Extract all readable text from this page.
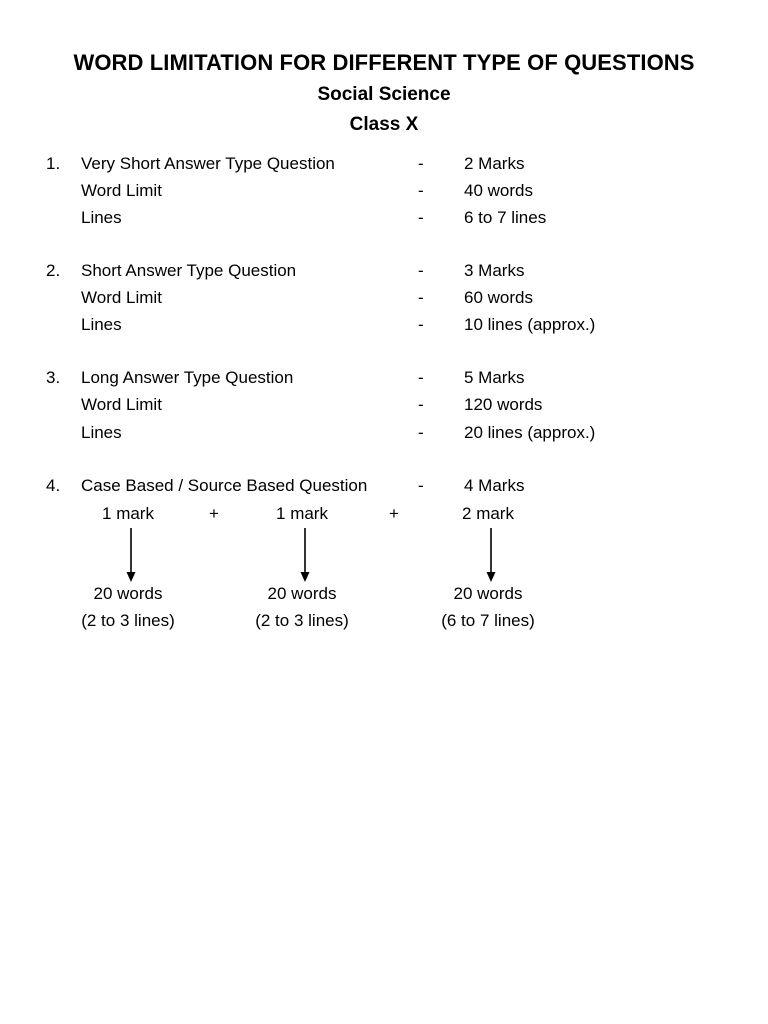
WORD LIMITATION FOR DIFFERENT TYPE OF QUESTIONS
Social Science
Class X
1. Very Short Answer Type Question	- 2 Marks
Word Limit	- 40 words
Lines	- 6 to 7 lines
2. Short Answer Type Question	- 3 Marks
Word Limit	- 60 words
Lines	- 10 lines (approx.)
3. Long Answer Type Question	- 5 Marks
Word Limit	- 120 words
Lines	- 20 lines (approx.)
4. Case Based / Source Based Question	- 4 Marks
1 mark	+	1 mark	+	2 mark
20 words	20 words	20 words
(2 to 3 lines)	(2 to 3 lines)	(6 to 7 lines)
